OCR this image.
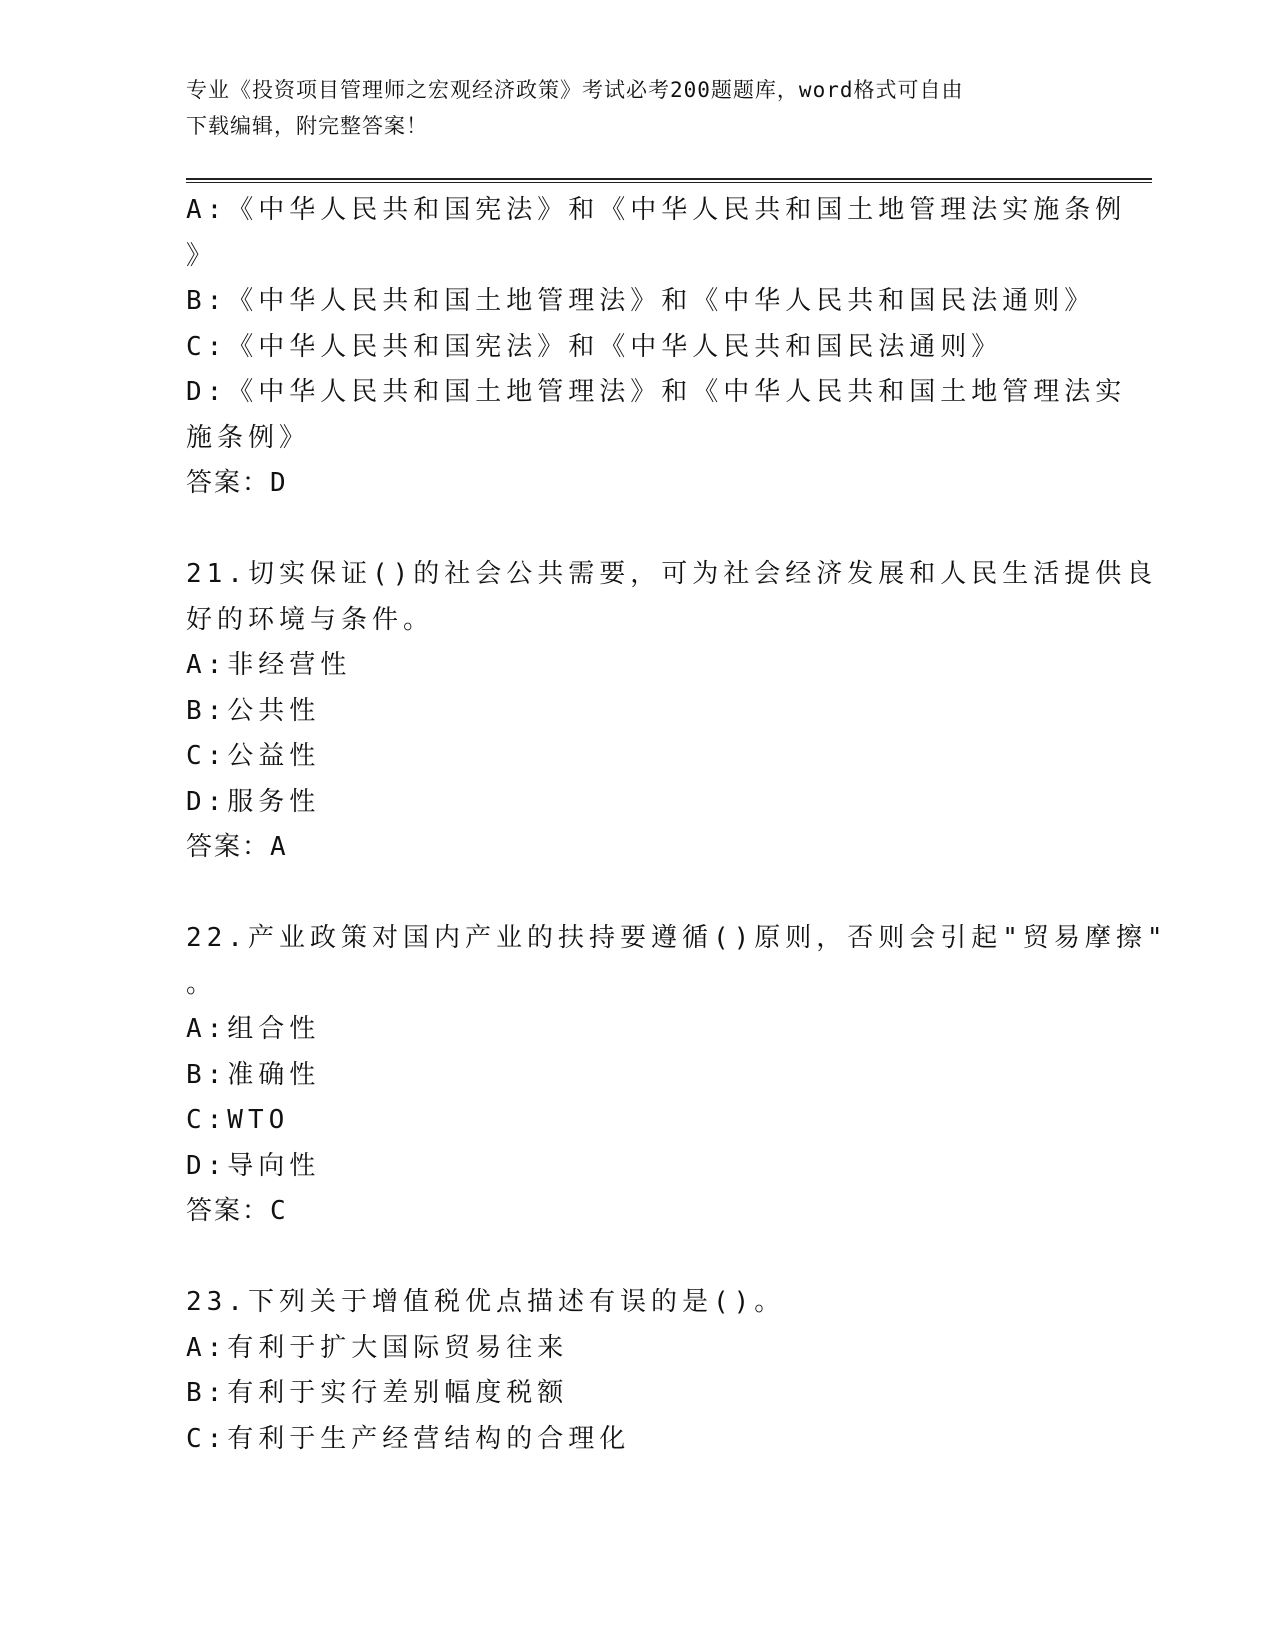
专业《投资项目管理师之宏观经济政策》考试必考200题题库，word格式可自由
下载编辑，附完整答案！
A:《中华人民共和国宪法》和《中华人民共和国土地管理法实施条例
》
B:《中华人民共和国土地管理法》和《中华人民共和国民法通则》
C:《中华人民共和国宪法》和《中华人民共和国民法通则》
D:《中华人民共和国土地管理法》和《中华人民共和国土地管理法实
施条例》
答案：D
21.切实保证()的社会公共需要，可为社会经济发展和人民生活提供良
好的环境与条件。
A:非经营性
B:公共性
C:公益性
D:服务性
答案：A
22.产业政策对国内产业的扶持要遵循()原则，否则会引起"贸易摩擦"
。
A:组合性
B:准确性
C:WTO
D:导向性
答案：C
23.下列关于增值税优点描述有误的是()。
A:有利于扩大国际贸易往来
B:有利于实行差别幅度税额
C:有利于生产经营结构的合理化
